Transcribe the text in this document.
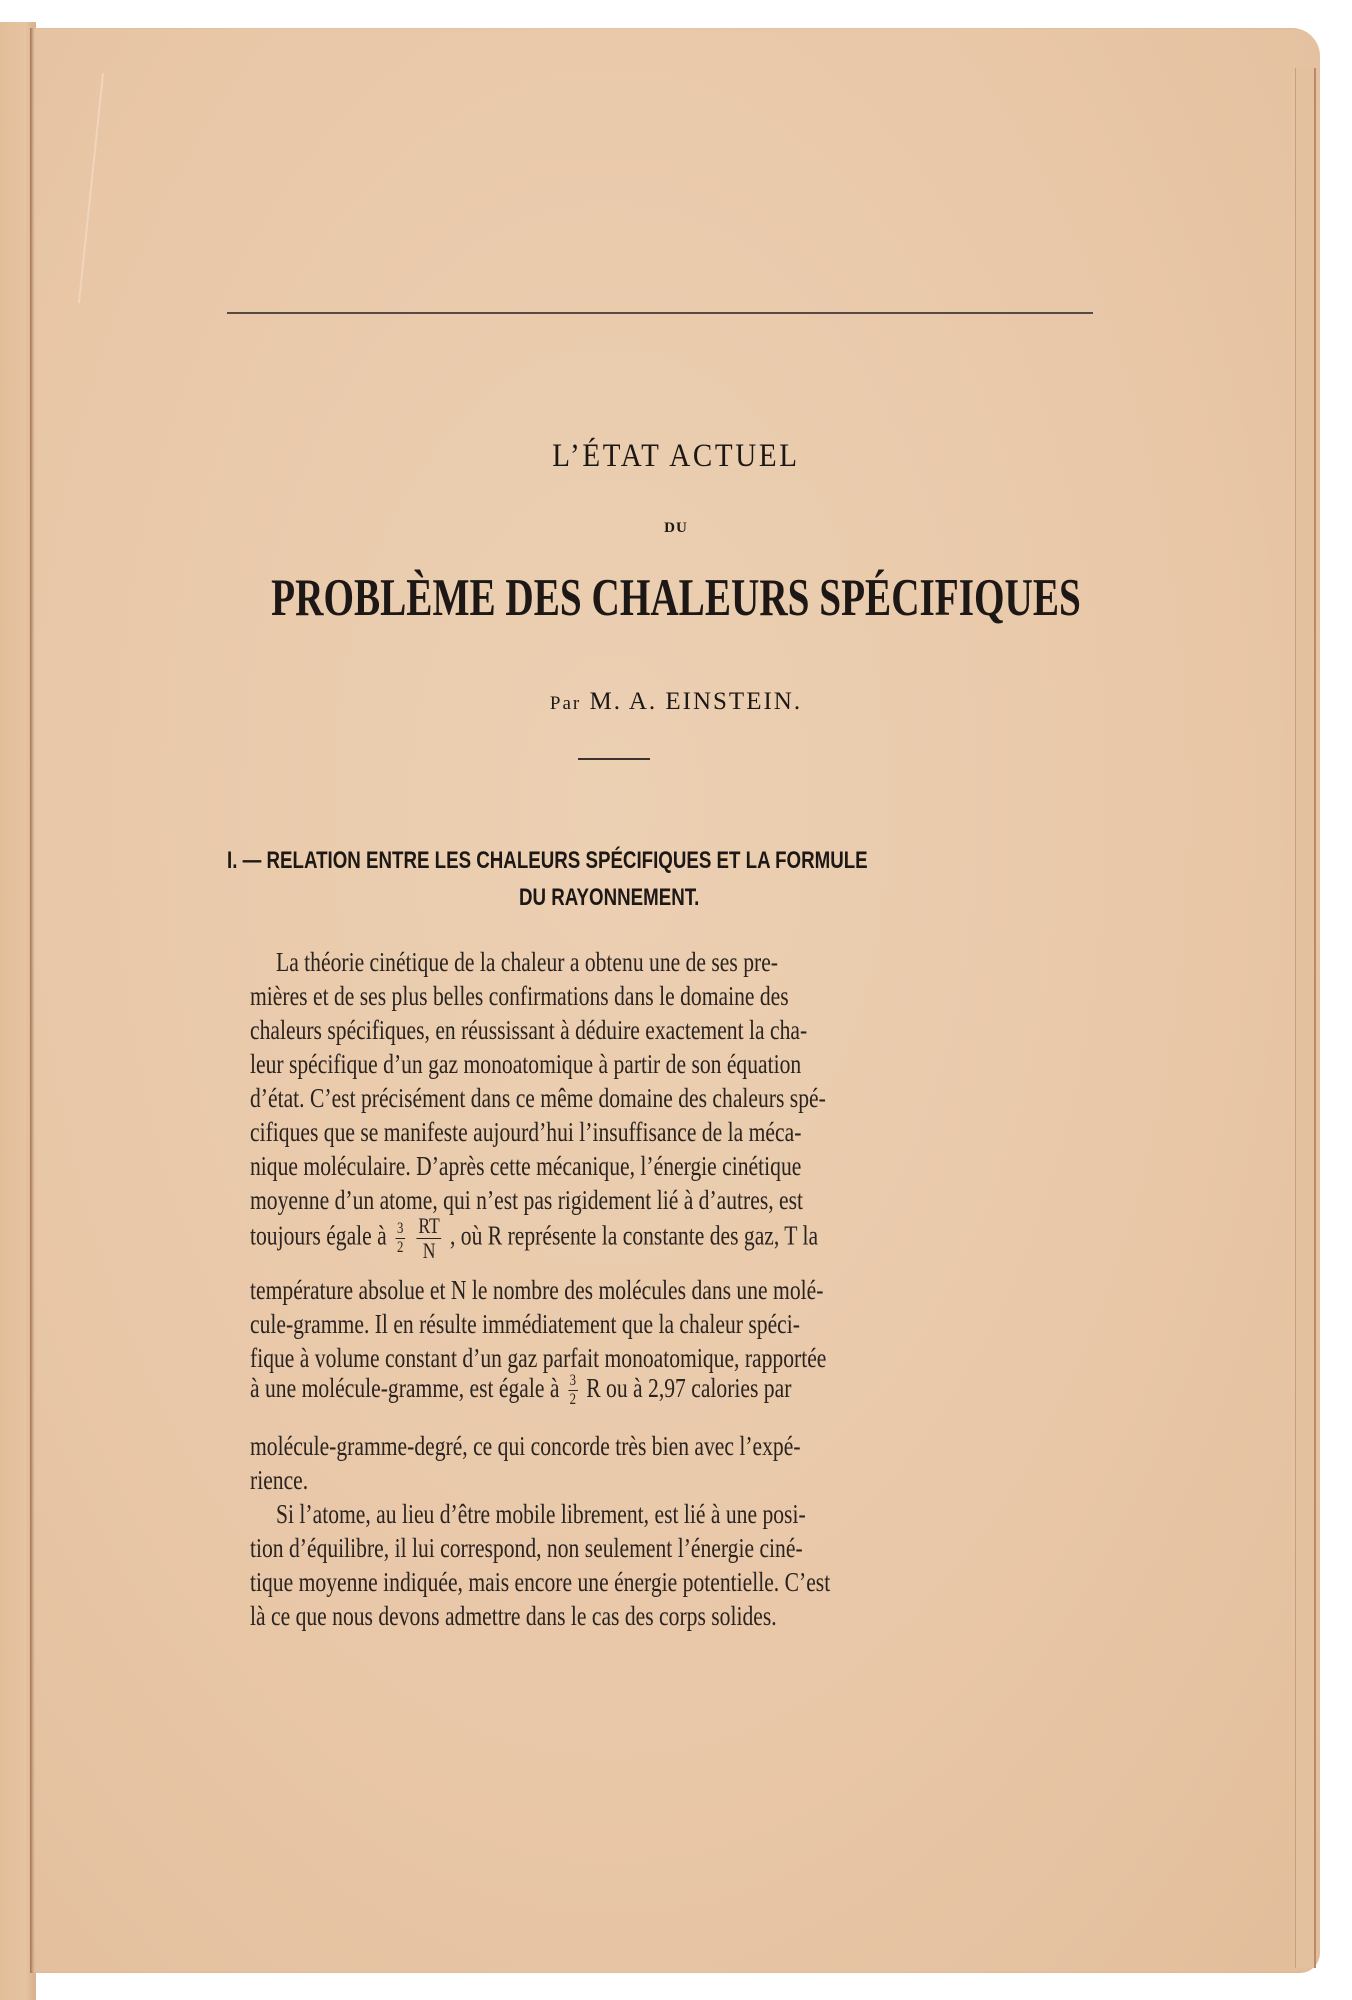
L’ÉTAT ACTUEL
DU
PROBLÈME DES CHALEURS SPÉCIFIQUES
Par M. A. EINSTEIN.
I. — RELATION ENTRE LES CHALEURS SPÉCIFIQUES ET LA FORMULE
DU RAYONNEMENT.
La théorie cinétique de la chaleur a obtenu une de ses pre-
mières et de ses plus belles confirmations dans le domaine des
chaleurs spécifiques, en réussissant à déduire exactement la cha-
leur spécifique d’un gaz monoatomique à partir de son équation
d’état. C’est précisément dans ce même domaine des chaleurs spé-
cifiques que se manifeste aujourd’hui l’insuffisance de la méca-
nique moléculaire. D’après cette mécanique, l’énergie cinétique
moyenne d’un atome, qui n’est pas rigidement lié à d’autres, est
toujours égale à $\frac{3}{2}$
$\frac{RT}{N}$ , où R représente la constante des gaz, T la
température absolue et N le nombre des molécules dans une molé-
cule-gramme. Il en résulte immédiatement que la chaleur spéci-
fique à volume constant d’un gaz parfait monoatomique, rapportée
à une molécule-gramme, est égale à $\frac{3}{2}$ R ou à 2,97 calories par
molécule-gramme-degré, ce qui concorde très bien avec l’expé-
rience.
Si l’atome, au lieu d’être mobile librement, est lié à une posi-
tion d’équilibre, il lui correspond, non seulement l’énergie ciné-
tique moyenne indiquée, mais encore une énergie potentielle. C’est
là ce que nous devons admettre dans le cas des corps solides.
